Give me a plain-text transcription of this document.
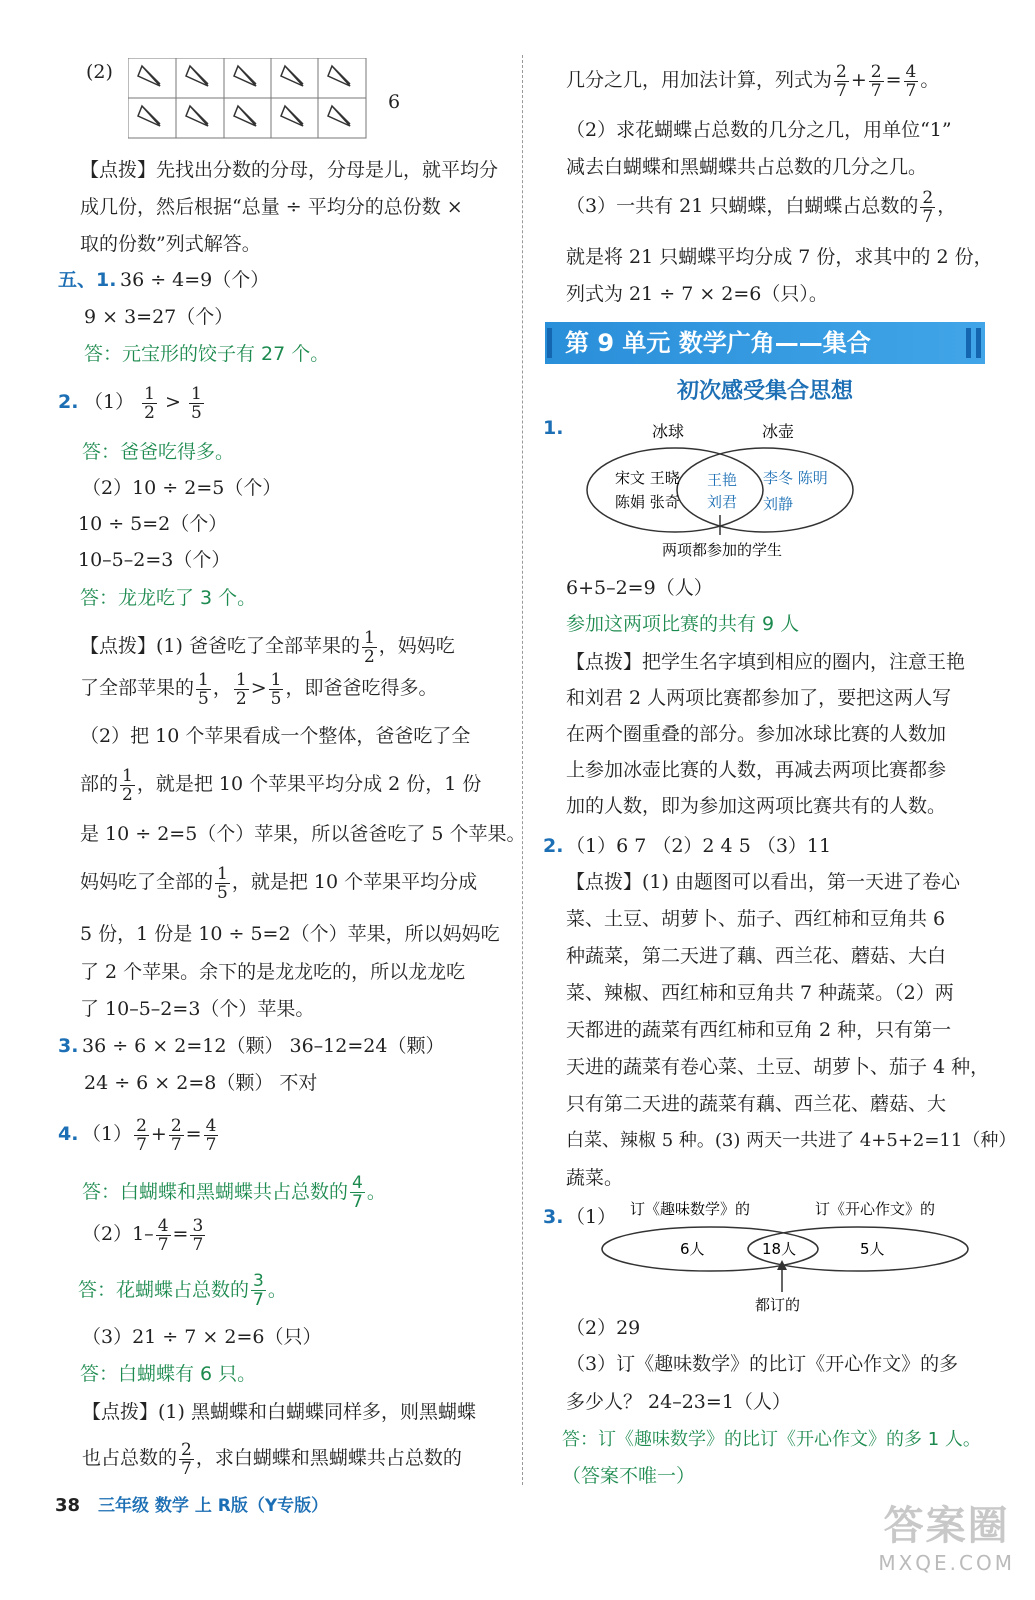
(2)
6
【点拨】先找出分数的分母，分母是儿，就平均分
成几份，然后根据“总量 ÷ 平均分的总份数 ×
取的份数”列式解答。
五、1. 36 ÷ 4=9（个）
9 × 3=27（个）
答：元宝形的饺子有 27 个。
2. $(1) \frac{1}{2} > \frac{1}{5}$
答：爸爸吃得多。
（2）10 ÷ 2=5（个）
10 ÷ 5=2（个）
10–5–2=3（个）
答：龙龙吃了 3 个。
【点拨】(1) 爸爸吃了全部苹果的 $\frac{1}{2}$ ，妈妈吃
了全部苹果的 $\frac{1}{5}$ ， $\frac{1}{2} > \frac{1}{5}$ ，即爸爸吃得多。
（2）把 10 个苹果看成一个整体，爸爸吃了全
部的 $\frac{1}{2}$ ，就是把 10 个苹果平均分成 2 份，1 份
是 10 ÷ 2=5（个）苹果，所以爸爸吃了 5 个苹果。
妈妈吃了全部的 $\frac{1}{5}$ ，就是把 10 个苹果平均分成
5 份，1 份是 10 ÷ 5=2（个）苹果，所以妈妈吃
了 2 个苹果。余下的是龙龙吃的，所以龙龙吃
了 10–5–2=3（个）苹果。
3. 36 ÷ 6 × 2=12（颗） 36–12=24（颗）
24 ÷ 6 × 2=8（颗） 不对
4. $(1) \frac{2}{7} + \frac{2}{7} = \frac{4}{7}$
答：白蝴蝶和黑蝴蝶共占总数的 $\frac{4}{7}$ 。
$(2)1- \frac{4}{7} = \frac{3}{7}$
答：花蝴蝶占总数的 $\frac{3}{7}$ 。
（3）21 ÷ 7 × 2=6（只）
答：白蝴蝶有 6 只。
【点拨】(1) 黑蝴蝶和白蝴蝶同样多，则黑蝴蝶
也占总数的 $\frac{2}{7}$ ，求白蝴蝶和黑蝴蝶共占总数的
几分之几，用加法计算，列式为 $\frac{2}{7} + \frac{2}{7} = \frac{4}{7}$ 。
（2）求花蝴蝶占总数的几分之几，用单位“1”
减去白蝴蝶和黑蝴蝶共占总数的几分之几。
（3）一共有 21 只蝴蝶，白蝴蝶占总数的 $\frac{2}{7}$ ，
就是将 21 只蝴蝶平均分成 7 份，求其中的 2 份，
列式为 21 ÷ 7 × 2=6（只）。
第 9 单元 数学广角——集合
初次感受集合思想
1.	冰球	冰壶
宋文 王晓
陈娟 张奇
王艳
刘君
李冬 陈明
刘静
两项都参加的学生
6+5–2=9（人）
参加这两项比赛的共有 9 人
【点拨】把学生名字填到相应的圈内，注意王艳
和刘君 2 人两项比赛都参加了，要把这两人写
在两个圈重叠的部分。参加冰球比赛的人数加
上参加冰壶比赛的人数，再减去两项比赛都参
加的人数，即为参加这两项比赛共有的人数。
2. （1）6 7 （2）2 4 5 （3）11
【点拨】(1) 由题图可以看出，第一天进了卷心
菜、土豆、胡萝卜、茄子、西红柿和豆角共 6
种蔬菜，第二天进了藕、西兰花、蘑菇、大白
菜、辣椒、西红柿和豆角共 7 种蔬菜。（2）两
天都进的蔬菜有西红柿和豆角 2 种，只有第一
天进的蔬菜有卷心菜、土豆、胡萝卜、茄子 4 种，
只有第二天进的蔬菜有藕、西兰花、蘑菇、大
白菜、辣椒 5 种。(3) 两天一共进了 4+5+2=11（种）
蔬菜。
3. （1） 订《趣味数学》的	订《开心作文》的
6人	18人	5人
都订的
（2）29
（3）订《趣味数学》的比订《开心作文》的多
多少人？ 24–23=1（人）
答：订《趣味数学》的比订《开心作文》的多 1 人。
（答案不唯一）
38 三年级 数学 上 R版（Y专版）	答案圈
MXQE.COM
